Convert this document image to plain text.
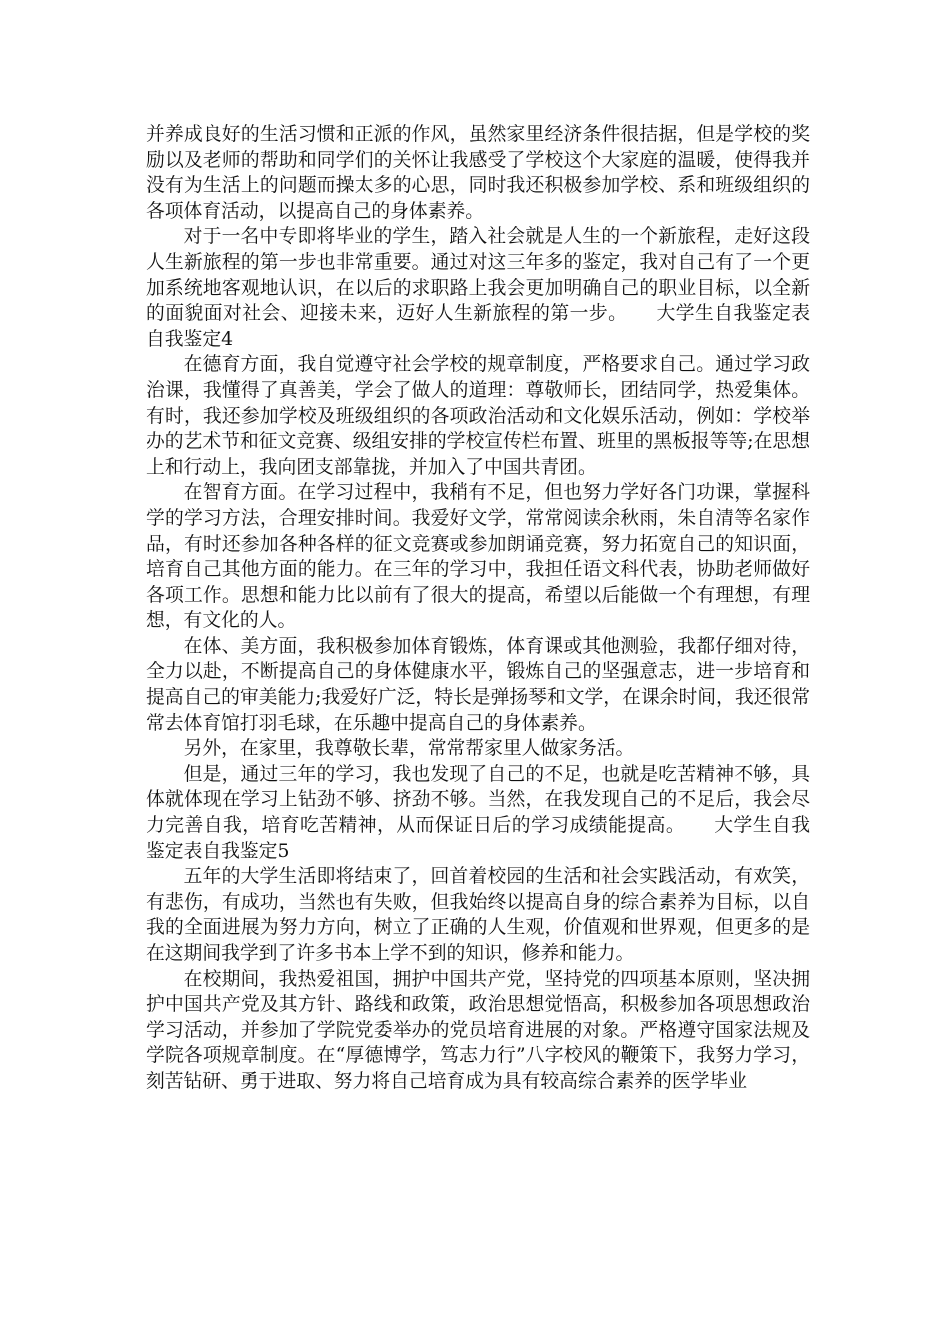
并养成良好的生活习惯和正派的作风，虽然家里经济条件很拮据，但是学校的奖励以及老师的帮助和同学们的关怀让我感受了学校这个大家庭的温暖，使得我并没有为生活上的问题而操太多的心思，同时我还积极参加学校、系和班级组织的各项体育活动，以提高自己的身体素养。

对于一名中专即将毕业的学生，踏入社会就是人生的一个新旅程，走好这段人生新旅程的第一步也非常重要。通过对这三年多的鉴定，我对自己有了一个更加系统地客观地认识，在以后的求职路上我会更加明确自己的职业目标，以全新的面貌面对社会、迎接未来，迈好人生新旅程的第一步。　　 大学生自我鉴定表自我鉴定4

在德育方面，我自觉遵守社会学校的规章制度，严格要求自己。通过学习政治课，我懂得了真善美，学会了做人的道理：尊敬师长，团结同学，热爱集体。有时，我还参加学校及班级组织的各项政治活动和文化娱乐活动，例如：学校举办的艺术节和征文竞赛、级组安排的学校宣传栏布置、班里的黑板报等等;在思想上和行动上，我向团支部靠拢，并加入了中国共青团。

在智育方面。在学习过程中，我稍有不足，但也努力学好各门功课，掌握科学的学习方法，合理安排时间。我爱好文学，常常阅读余秋雨，朱自清等名家作品，有时还参加各种各样的征文竞赛或参加朗诵竞赛，努力拓宽自己的知识面，培育自己其他方面的能力。在三年的学习中，我担任语文科代表，协助老师做好各项工作。思想和能力比以前有了很大的提高，希望以后能做一个有理想，有理想，有文化的人。

在体、美方面，我积极参加体育锻炼，体育课或其他测验，我都仔细对待，全力以赴，不断提高自己的身体健康水平，锻炼自己的坚强意志，进一步培育和提高自己的审美能力;我爱好广泛，特长是弹扬琴和文学，在课余时间，我还很常常去体育馆打羽毛球，在乐趣中提高自己的身体素养。

另外，在家里，我尊敬长辈，常常帮家里人做家务活。

但是，通过三年的学习，我也发现了自己的不足，也就是吃苦精神不够，具体就体现在学习上钻劲不够、挤劲不够。当然，在我发现自己的不足后，我会尽力完善自我，培育吃苦精神，从而保证日后的学习成绩能提高。　　 大学生自我鉴定表自我鉴定5

五年的大学生活即将结束了，回首着校园的生活和社会实践活动，有欢笑，有悲伤，有成功，当然也有失败，但我始终以提高自身的综合素养为目标，以自我的全面进展为努力方向，树立了正确的人生观，价值观和世界观，但更多的是在这期间我学到了许多书本上学不到的知识，修养和能力。

在校期间，我热爱祖国，拥护中国共产党，坚持党的四项基本原则，坚决拥护中国共产党及其方针、路线和政策，政治思想觉悟高，积极参加各项思想政治学习活动，并参加了学院党委举办的党员培育进展的对象。严格遵守国家法规及学院各项规章制度。在“厚德博学，笃志力行”八字校风的鞭策下，我努力学习，刻苦钻研、勇于进取、努力将自己培育成为具有较高综合素养的医学毕业
